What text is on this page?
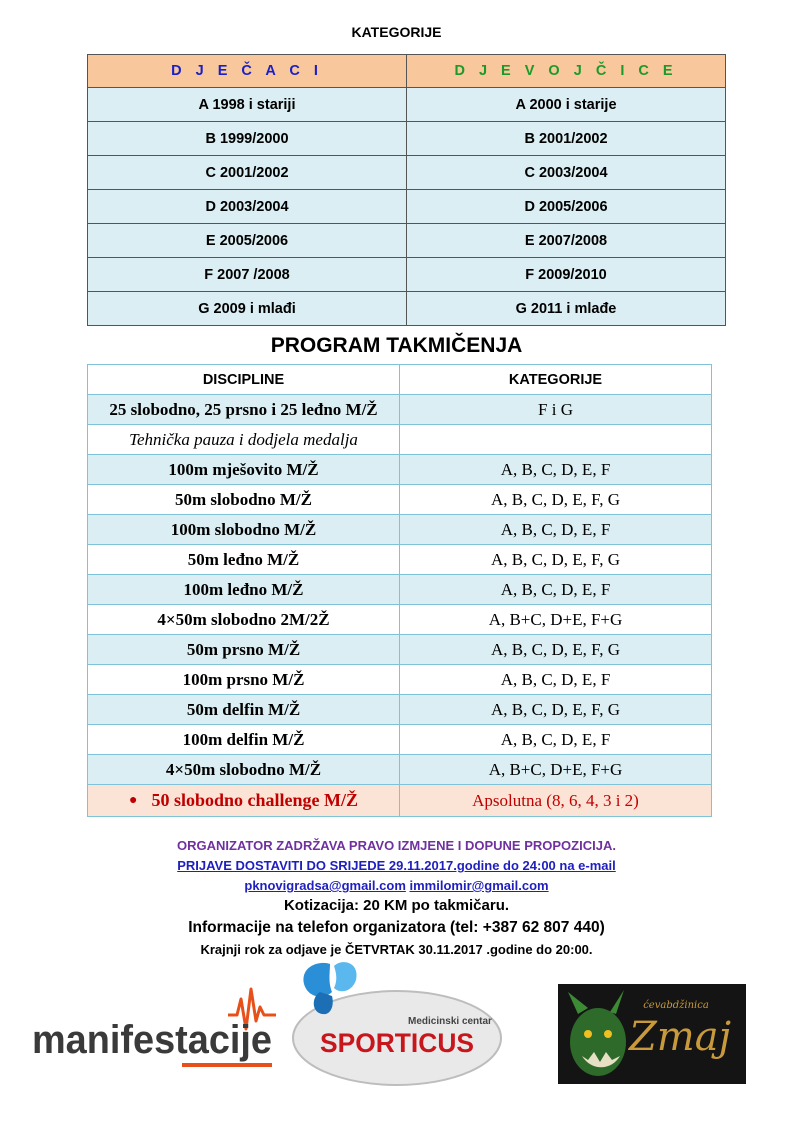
KATEGORIJE
D J E Č A C I	D J E V O J Č I C E
A 1998 i stariji	A 2000 i starije
B 1999/2000	B 2001/2002
C 2001/2002	C 2003/2004
D 2003/2004	D 2005/2006
E 2005/2006	E 2007/2008
F 2007 /2008	F 2009/2010
G 2009 i mlađi	G 2011 i mlađe
PROGRAM TAKMIČENJA
DISCIPLINE	KATEGORIJE
25 slobodno, 25 prsno i 25 leđno M/Ž	F i G
Tehnička pauza i dodjela medalja	
100m mješovito M/Ž	A, B, C, D, E, F
50m slobodno M/Ž	A, B, C, D, E, F, G
100m slobodno M/Ž	A, B, C, D, E, F
50m leđno M/Ž	A, B, C, D, E, F, G
100m leđno M/Ž	A, B, C, D, E, F
4×50m slobodno 2M/2Ž	A, B+C, D+E, F+G
50m prsno M/Ž	A, B, C, D, E, F, G
100m prsno M/Ž	A, B, C, D, E, F
50m delfin M/Ž	A, B, C, D, E, F, G
100m delfin M/Ž	A, B, C, D, E, F
4×50m slobodno M/Ž	A, B+C, D+E, F+G
● 50 slobodno challenge M/Ž	Apsolutna (8, 6, 4, 3 i 2)
ORGANIZATOR ZADRŽAVA PRAVO IZMJENE I DOPUNE PROPOZICIJA.
PRIJAVE DOSTAVITI DO SRIJEDE 29.11.2017.godine do 24:00 na e-mail
pknovigradsa@gmail.com immilomir@gmail.com
Kotizacija: 20 KM po takmičaru.
Informacije na telefon organizatora (tel: +387 62 807 440)
Krajnji rok za odjave je ČETVRTAK 30.11.2017 .godine do 20:00.
manifestacije	Medicinski centar
SPORTICUS
ćevabdžinica
Zmaj
